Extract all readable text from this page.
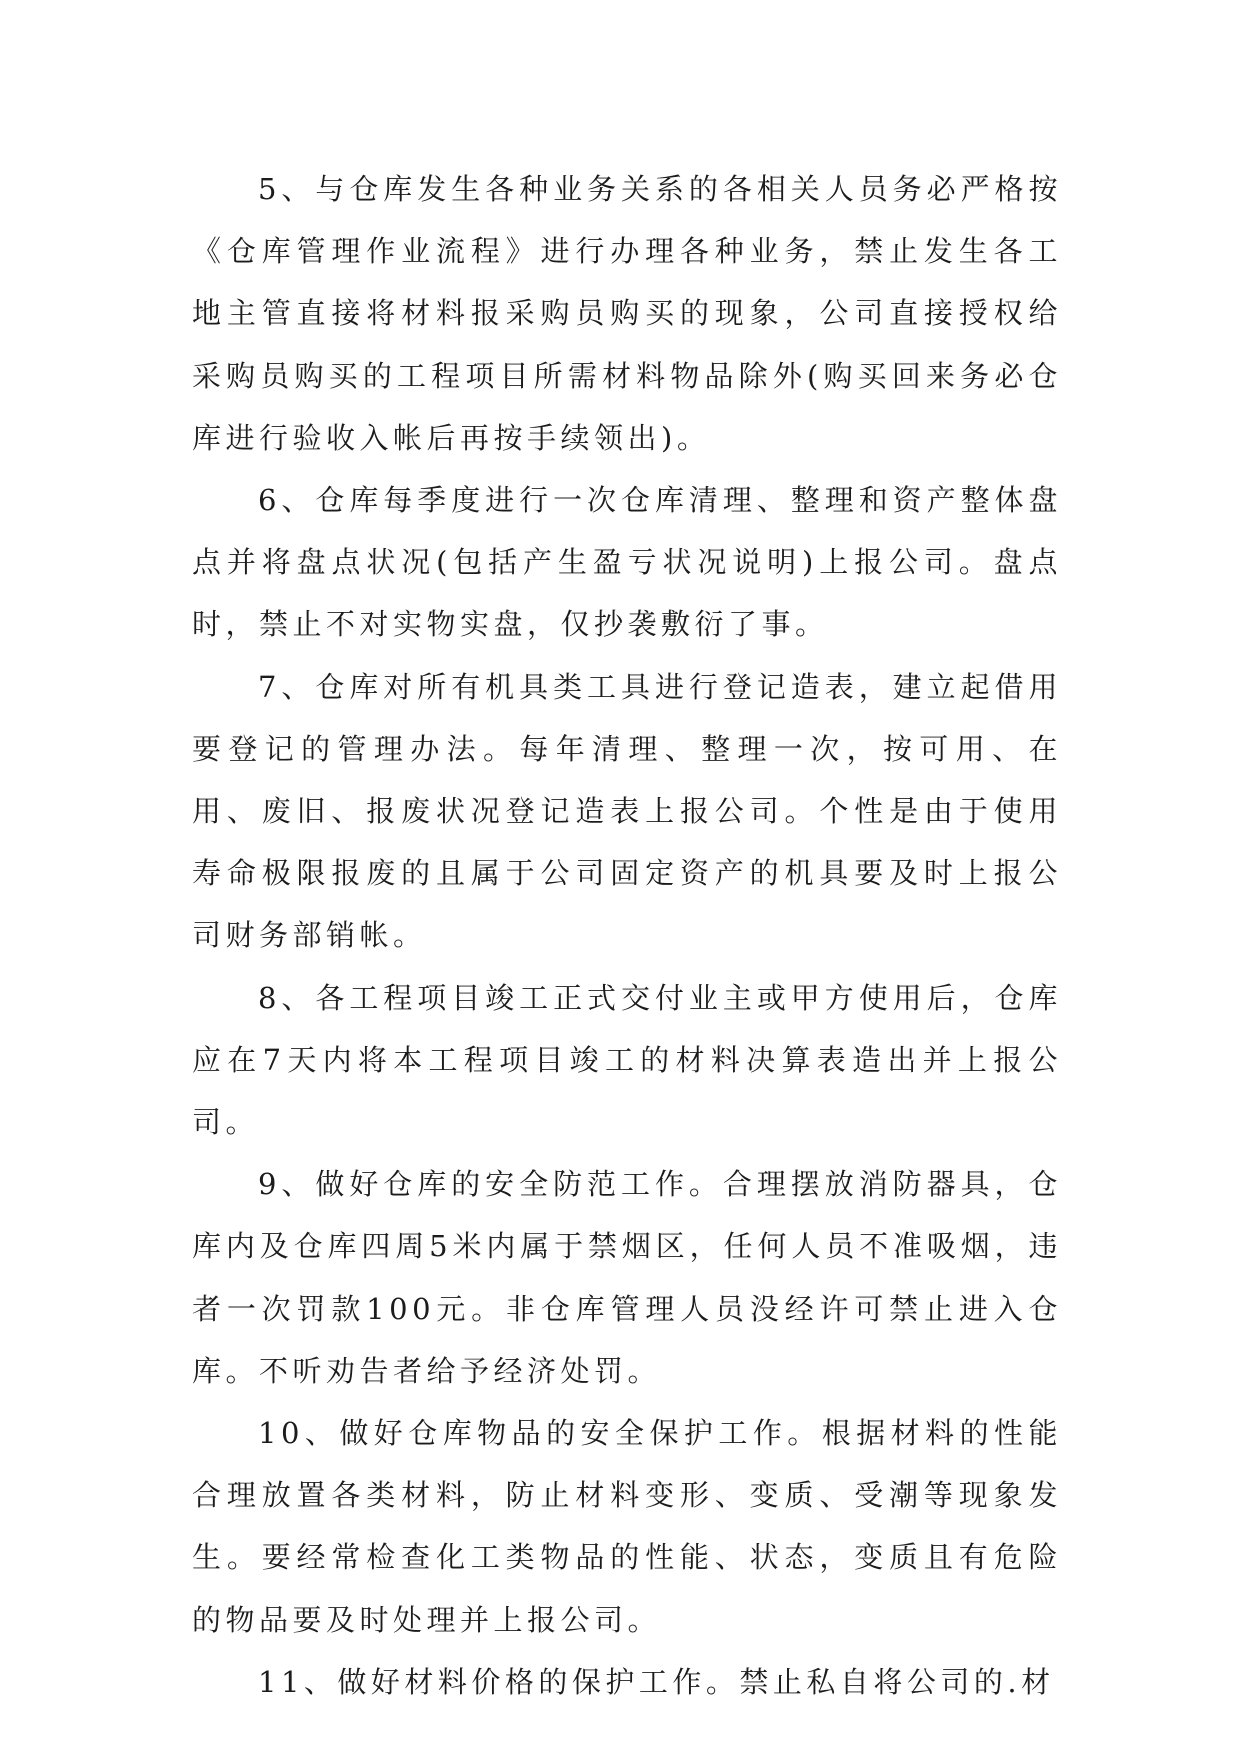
5、与仓库发生各种业务关系的各相关人员务必严格按《仓库管理作业流程》进行办理各种业务，禁止发生各工地主管直接将材料报采购员购买的现象，公司直接授权给采购员购买的工程项目所需材料物品除外(购买回来务必仓库进行验收入帐后再按手续领出)。

6、仓库每季度进行一次仓库清理、整理和资产整体盘点并将盘点状况(包括产生盈亏状况说明)上报公司。盘点时，禁止不对实物实盘，仅抄袭敷衍了事。

7、仓库对所有机具类工具进行登记造表，建立起借用要登记的管理办法。每年清理、整理一次，按可用、在用、废旧、报废状况登记造表上报公司。个性是由于使用寿命极限报废的且属于公司固定资产的机具要及时上报公司财务部销帐。

8、各工程项目竣工正式交付业主或甲方使用后，仓库应在7天内将本工程项目竣工的材料决算表造出并上报公司。

9、做好仓库的安全防范工作。合理摆放消防器具，仓库内及仓库四周5米内属于禁烟区，任何人员不准吸烟，违者一次罚款100元。非仓库管理人员没经许可禁止进入仓库。不听劝告者给予经济处罚。

10、做好仓库物品的安全保护工作。根据材料的性能合理放置各类材料，防止材料变形、变质、受潮等现象发生。要经常检查化工类物品的性能、状态，变质且有危险的物品要及时处理并上报公司。

11、做好材料价格的保护工作。禁止私自将公司的.材
